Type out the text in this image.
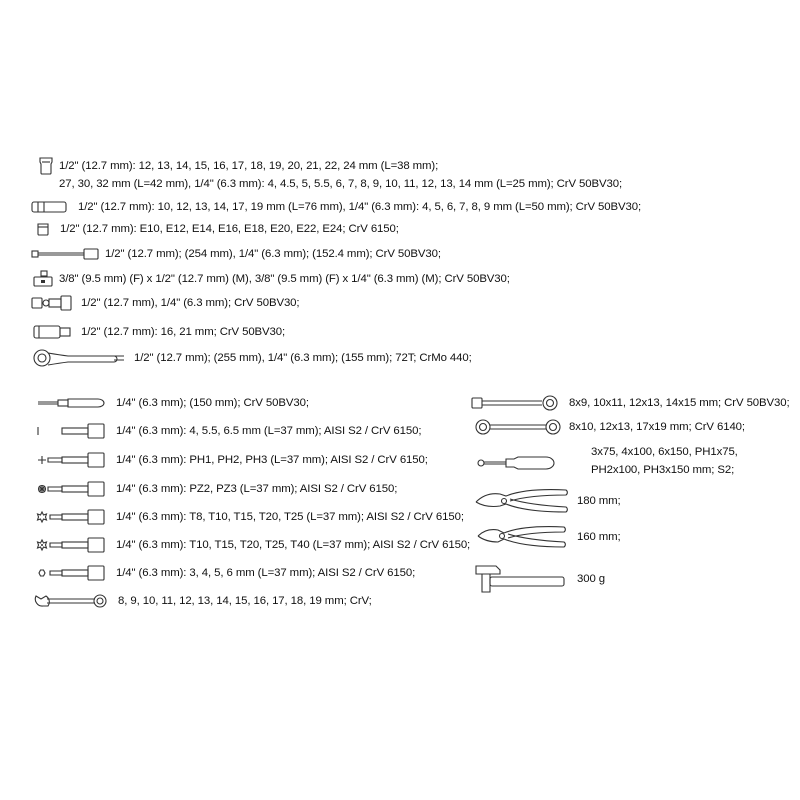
1/2" (12.7 mm): 12, 13, 14, 15, 16, 17, 18, 19, 20, 21, 22, 24 mm (L=38 mm);
27, 30, 32 mm (L=42 mm), 1/4" (6.3 mm): 4, 4.5, 5, 5.5, 6, 7, 8, 9, 10, 11, 12, 13, 14 mm (L=25 mm); CrV 50BV30;
1/2" (12.7 mm): 10, 12, 13, 14, 17, 19 mm (L=76 mm), 1/4" (6.3 mm): 4, 5, 6, 7, 8, 9 mm (L=50 mm); CrV 50BV30;
1/2" (12.7 mm): E10, E12, E14, E16, E18, E20, E22, E24; CrV 6150;
1/2" (12.7 mm); (254 mm), 1/4" (6.3 mm); (152.4 mm); CrV 50BV30;
3/8" (9.5 mm) (F) x 1/2" (12.7 mm) (M), 3/8" (9.5 mm) (F) x 1/4" (6.3 mm) (M); CrV 50BV30;
1/2" (12.7 mm), 1/4" (6.3 mm); CrV 50BV30;
1/2" (12.7 mm): 16, 21 mm; CrV 50BV30;
1/2" (12.7 mm); (255 mm), 1/4" (6.3 mm); (155 mm); 72T; CrMo 440;
1/4" (6.3 mm); (150 mm); CrV 50BV30;
1/4" (6.3 mm): 4, 5.5, 6.5 mm (L=37 mm); AISI S2 / CrV 6150;
1/4" (6.3 mm): PH1, PH2, PH3 (L=37 mm); AISI S2 / CrV 6150;
1/4" (6.3 mm): PZ2, PZ3 (L=37 mm); AISI S2 / CrV 6150;
1/4" (6.3 mm): T8, T10, T15, T20, T25 (L=37 mm); AISI S2 / CrV 6150;
1/4" (6.3 mm): T10, T15, T20, T25, T40 (L=37 mm); AISI S2 / CrV 6150;
1/4" (6.3 mm): 3, 4, 5, 6 mm (L=37 mm); AISI S2 / CrV 6150;
8, 9, 10, 11, 12, 13, 14, 15, 16, 17, 18, 19 mm; CrV;
8x9, 10x11, 12x13, 14x15 mm; CrV 50BV30;
8x10, 12x13, 17x19 mm; CrV 6140;
3x75, 4x100, 6x150, PH1x75,
PH2x100, PH3x150 mm; S2;
180 mm;
160 mm;
300 g
